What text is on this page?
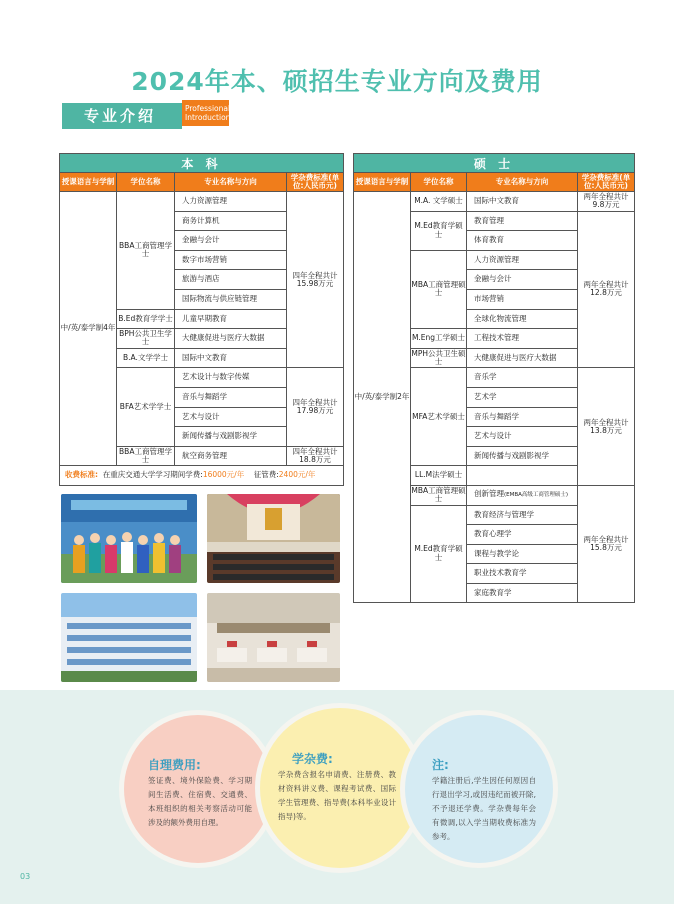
2024年本、硕招生专业方向及费用
专业介绍	Professional
Introduction
本 科			
授课语言与学制	学位名称	专业名称与方向	学杂费标准(单位:人民币元)
中/英/泰学制4年	BBA工商管理学士	人力资源管理	四年全程共计15.98万元
		商务计算机	
		金融与会计	
		数字市场营销	
		旅游与酒店	
		国际物流与供应链管理	
	B.Ed教育学学士	儿童早期教育	
	BPH公共卫生学士	大健康促进与医疗大数据	
	B.A.文学学士	国际中文教育	
	BFA艺术学学士	艺术设计与数字传媒	四年全程共计17.98万元
		音乐与舞蹈学	
		艺术与设计	
		新闻传播与戏剧影视学	
	BBA工商管理学士	航空商务管理	四年全程共计18.8万元
收费标准: 在重庆交通大学学习期间学费:16000元/年 征管费:2400元/年			
硕 士			
授课语言与学制	学位名称	专业名称与方向	学杂费标准(单位:人民币元)
中/英/泰学制2年	M.A. 文学硕士	国际中文教育	两年全程共计9.8万元
	M.Ed教育学硕士	教育管理	两年全程共计12.8万元
		体育教育	
	MBA工商管理硕士	人力资源管理	
		金融与会计	
		市场营销	
		全球化物流管理	
	M.Eng工学硕士	工程技术管理	
	MPH公共卫生硕士	大健康促进与医疗大数据	
	MFA艺术学硕士	音乐学	两年全程共计13.8万元
		艺术学	
		音乐与舞蹈学	
		艺术与设计	
		新闻传播与戏剧影视学	
	LL.M法学硕士		
	MBA工商管理硕士	创新管理(EMBA高级工商管理硕士)	两年全程共计15.8万元
	M.Ed教育学硕士	教育经济与管理学	
		教育心理学	
		课程与教学论	
		职业技术教育学	
		家庭教育学	
自理费用:
签证费、境外保险费、学习期间生活费、住宿费、交通费、本班组织的相关考察活动可能涉及的额外费用自理。
学杂费:
学杂费含报名申请费、注册费、教材资料讲义费、课程考试费、国际学生管理费、指导费(本科毕业设计指导)等。
注:
学籍注册后,学生因任何原因自行退出学习,或因违纪而被开除,不予退还学费。学杂费每年会有微调,以入学当期收费标准为参考。
03
